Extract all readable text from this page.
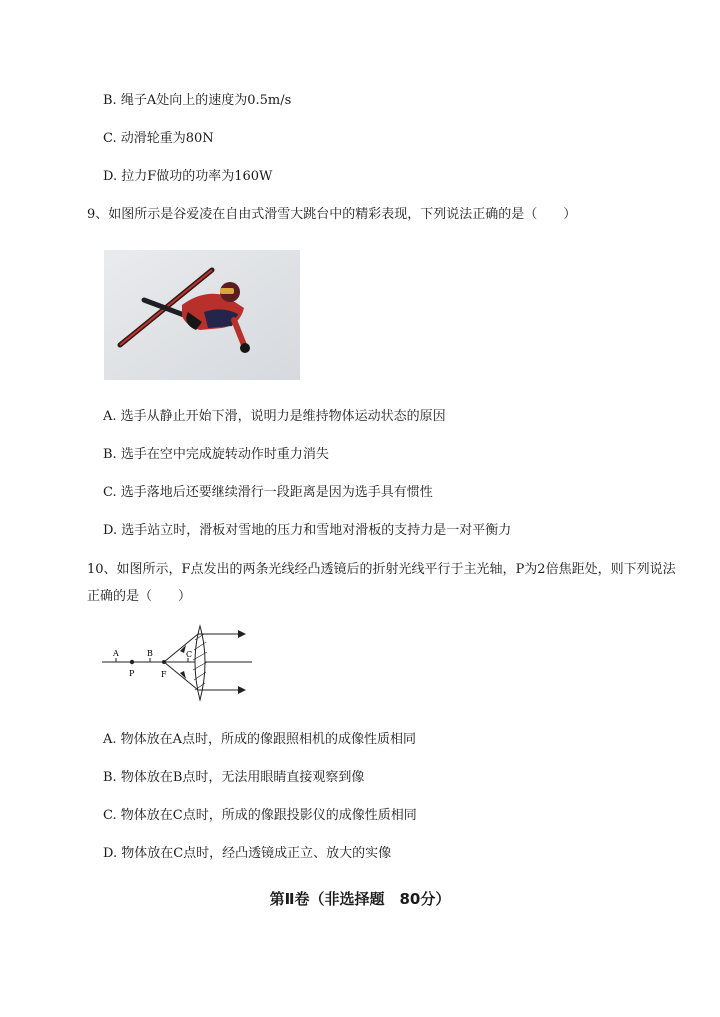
B. 绳子A处向上的速度为0.5m/s
C. 动滑轮重为80N
D. 拉力F做功的功率为160W
9、如图所示是谷爱凌在自由式滑雪大跳台中的精彩表现，下列说法正确的是（　　）
A. 选手从静止开始下滑，说明力是维持物体运动状态的原因
B. 选手在空中完成旋转动作时重力消失
C. 选手落地后还要继续滑行一段距离是因为选手具有惯性
D. 选手站立时，滑板对雪地的压力和雪地对滑板的支持力是一对平衡力
10、如图所示，F点发出的两条光线经凸透镜后的折射光线平行于主光轴，P为2倍焦距处，则下列说法正确的是（　　）
A	B	C
P	F
A. 物体放在A点时，所成的像跟照相机的成像性质相同
B. 物体放在B点时，无法用眼睛直接观察到像
C. 物体放在C点时，所成的像跟投影仪的成像性质相同
D. 物体放在C点时，经凸透镜成正立、放大的实像
第Ⅱ卷（非选择题　80分）
